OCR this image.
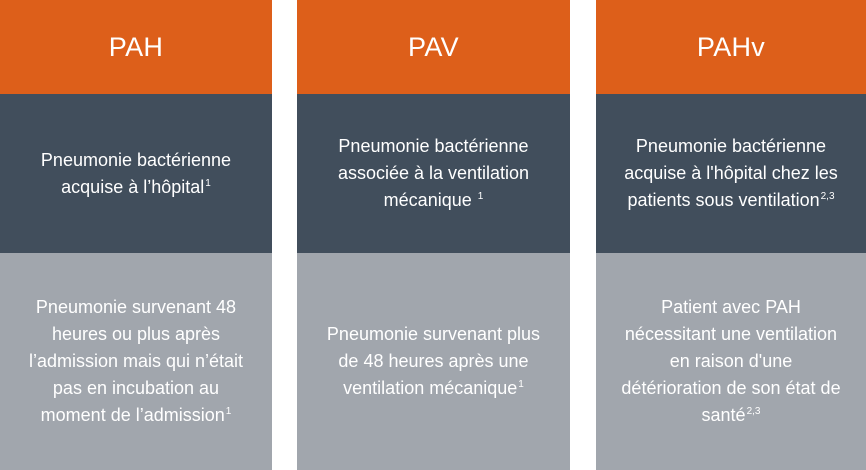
PAH
Pneumonie bactérienne acquise à l’hôpital$^1$
Pneumonie survenant 48 heures ou plus après l’admission mais qui n’était pas en incubation au moment de l’admission$^1$
PAV
Pneumonie bactérienne associée à la ventilation mécanique $^1$
Pneumonie survenant plus de 48 heures après une ventilation mécanique$^1$
PAHv
Pneumonie bactérienne acquise à l'hôpital chez les patients sous ventilation$^{2,3}$
Patient avec PAH nécessitant une ventilation en raison d'une détérioration de son état de santé$^{2,3}$
